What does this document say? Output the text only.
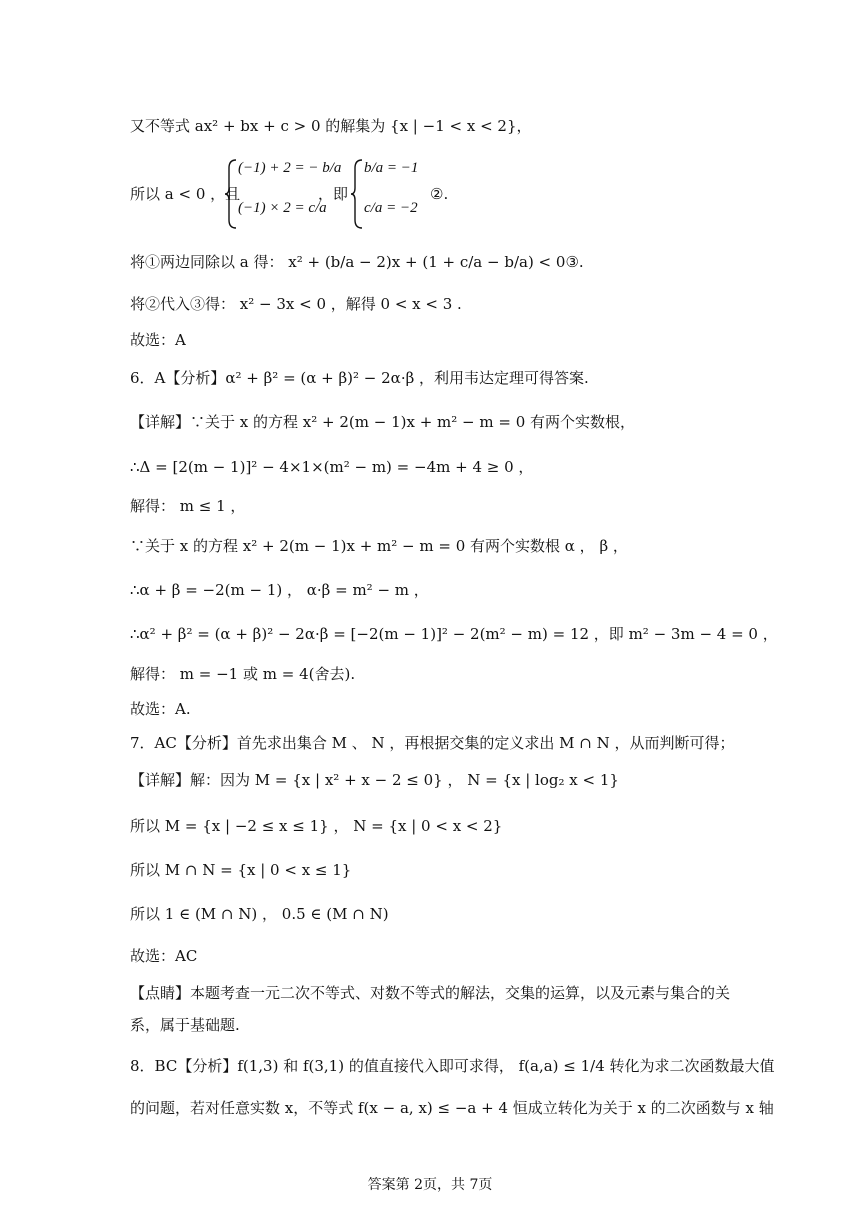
又不等式 ax² + bx + c > 0 的解集为 {x | −1 < x < 2}，
所以 a < 0 ，且
(−1) + 2 = − b/a
(−1) × 2 = c/a
，即
b/a = −1
c/a = −2
②.
将①两边同除以 a 得： x² + (b/a − 2)x + (1 + c/a − b/a) < 0③.
将②代入③得： x² − 3x < 0 ，解得 0 < x < 3 .
故选：A
6．A【分析】α² + β² = (α + β)² − 2α·β ，利用韦达定理可得答案.
【详解】∵关于 x 的方程 x² + 2(m − 1)x + m² − m = 0 有两个实数根，
∴Δ = [2(m − 1)]² − 4×1×(m² − m) = −4m + 4 ≥ 0 ，
解得： m ≤ 1 ，
∵关于 x 的方程 x² + 2(m − 1)x + m² − m = 0 有两个实数根 α ， β ，
∴α + β = −2(m − 1) ， α·β = m² − m ，
∴α² + β² = (α + β)² − 2α·β = [−2(m − 1)]² − 2(m² − m) = 12 ，即 m² − 3m − 4 = 0 ，
解得： m = −1 或 m = 4(舍去).
故选：A.
7．AC【分析】首先求出集合 M 、 N ，再根据交集的定义求出 M ∩ N ，从而判断可得；
【详解】解：因为 M = {x | x² + x − 2 ≤ 0} ， N = {x | log₂ x < 1}
所以 M = {x | −2 ≤ x ≤ 1} ， N = {x | 0 < x < 2}
所以 M ∩ N = {x | 0 < x ≤ 1}
所以 1 ∈ (M ∩ N) ， 0.5 ∈ (M ∩ N)
故选：AC
【点睛】本题考查一元二次不等式、对数不等式的解法，交集的运算，以及元素与集合的关
系，属于基础题.
8．BC【分析】f(1,3) 和 f(3,1) 的值直接代入即可求得， f(a,a) ≤ 1/4 转化为求二次函数最大值
的问题，若对任意实数 x，不等式 f(x − a, x) ≤ −a + 4 恒成立转化为关于 x 的二次函数与 x 轴
答案第 2页，共 7页
